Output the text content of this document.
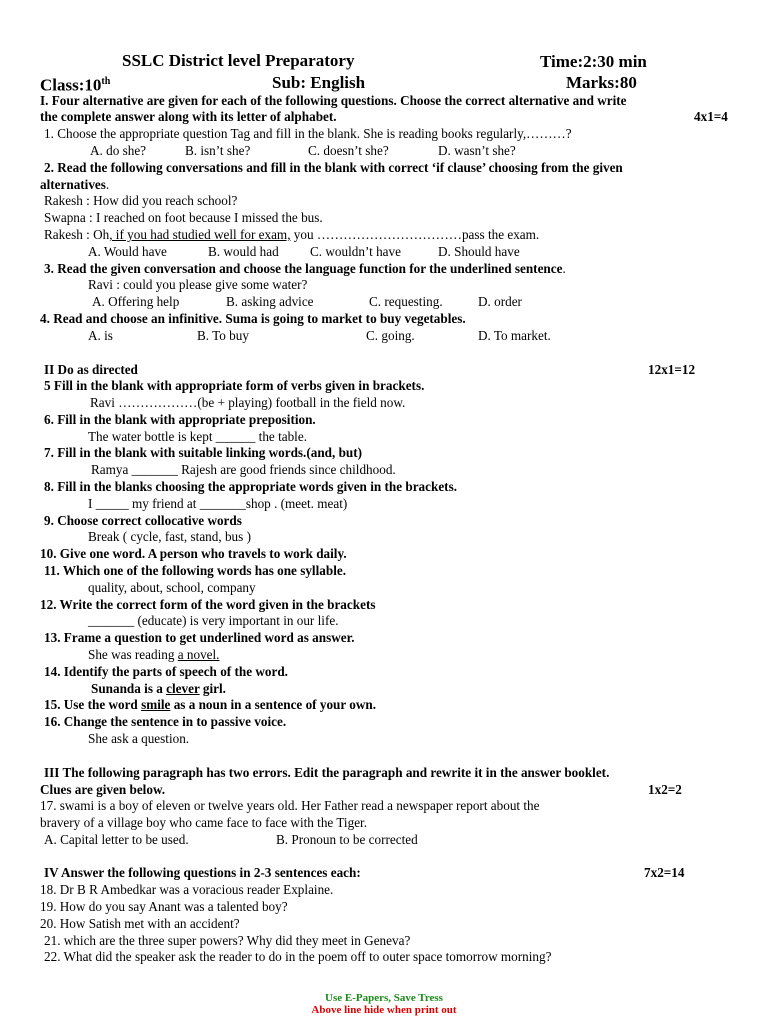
SSLC District level Preparatory	Time:2:30 min
Class:10th	Sub: English	Marks:80
I. Four alternative are given for each of the following questions. Choose the correct alternative and write
the complete answer along with its letter of alphabet.	4x1=4
1. Choose the appropriate question Tag and fill in the blank. She is reading books regularly,………?
A. do she?	B. isn’t she?	C. doesn’t she?	D. wasn’t she?
2. Read the following conversations and fill in the blank with correct ‘if clause’ choosing from the given
alternatives.
Rakesh : How did you reach school?
Swapna : I reached on foot because I missed the bus.
Rakesh : Oh, if you had studied well for exam, you ……………………………pass the exam.
A. Would have	B. would had C. wouldn’t have	D. Should have
3. Read the given conversation and choose the language function for the underlined sentence.
Ravi : could you please give some water?
A. Offering help	B. asking advice	C. requesting.	D. order
4. Read and choose an infinitive. Suma is going to market to buy vegetables.
A. is	B. To buy	C. going.	D. To market.
II Do as directed	12x1=12
5 Fill in the blank with appropriate form of verbs given in brackets.
Ravi ………………(be + playing) football in the field now.
6. Fill in the blank with appropriate preposition.
The water bottle is kept ______ the table.
7. Fill in the blank with suitable linking words.(and, but)
Ramya _______ Rajesh are good friends since childhood.
8. Fill in the blanks choosing the appropriate words given in the brackets.
I _____ my friend at _______shop . (meet. meat)
9. Choose correct collocative words
Break ( cycle, fast, stand, bus )
10. Give one word. A person who travels to work daily.
11. Which one of the following words has one syllable.
quality, about, school, company
12. Write the correct form of the word given in the brackets
_______ (educate) is very important in our life.
13. Frame a question to get underlined word as answer.
She was reading a novel.
14. Identify the parts of speech of the word.
Sunanda is a clever girl.
15. Use the word smile as a noun in a sentence of your own.
16. Change the sentence in to passive voice.
She ask a question.
III The following paragraph has two errors. Edit the paragraph and rewrite it in the answer booklet.
Clues are given below.	1x2=2
17. swami is a boy of eleven or twelve years old. Her Father read a newspaper report about the
bravery of a village boy who came face to face with the Tiger.
A. Capital letter to be used.	B. Pronoun to be corrected
IV Answer the following questions in 2-3 sentences each:	7x2=14
18. Dr B R Ambedkar was a voracious reader Explaine.
19. How do you say Anant was a talented boy?
20. How Satish met with an accident?
21. which are the three super powers? Why did they meet in Geneva?
22. What did the speaker ask the reader to do in the poem off to outer space tomorrow morning?
Use E-Papers, Save Tress
Above line hide when print out
